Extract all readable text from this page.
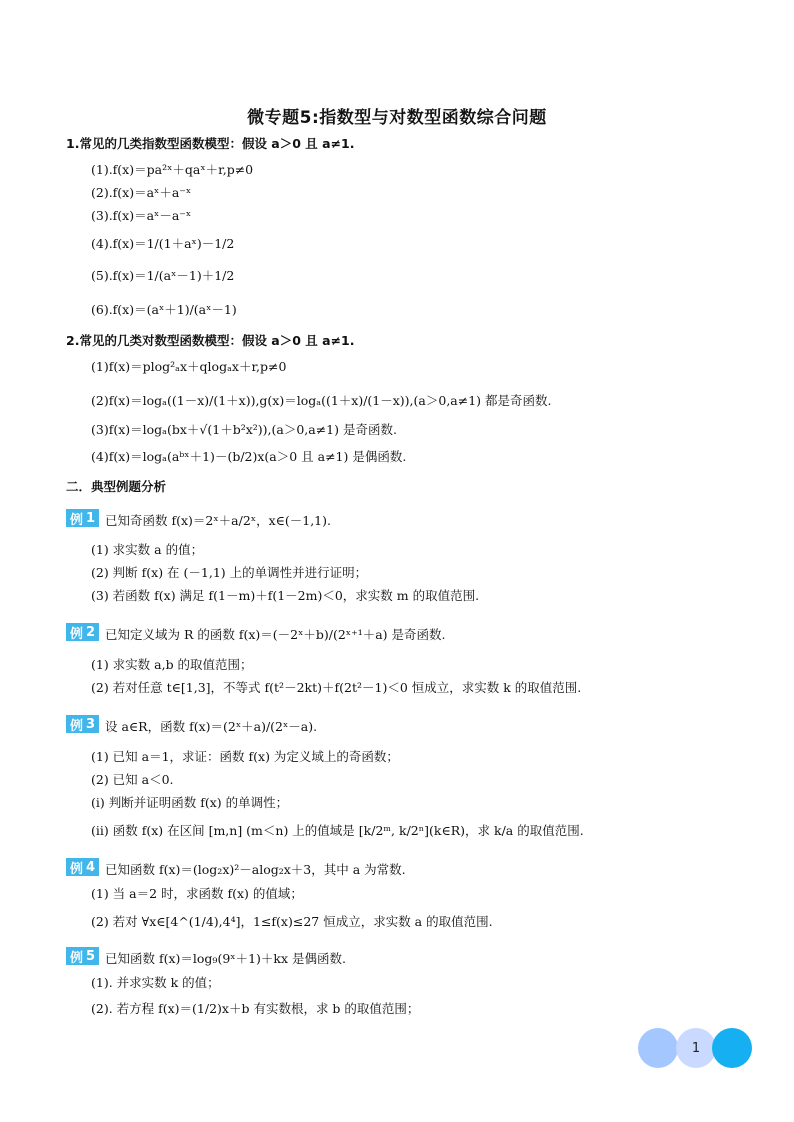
微专题5:指数型与对数型函数综合问题
1.常见的几类指数型函数模型：假设 a＞0 且 a≠1.
(1).f(x)＝pa²ˣ＋qaˣ＋r,p≠0
(2).f(x)＝aˣ＋a⁻ˣ
(3).f(x)＝aˣ－a⁻ˣ
(4).f(x)＝1/(1＋aˣ)－1/2
(5).f(x)＝1/(aˣ－1)＋1/2
(6).f(x)＝(aˣ＋1)/(aˣ－1)
2.常见的几类对数型函数模型：假设 a＞0 且 a≠1.
(1)f(x)＝plog²ₐx＋qlogₐx＋r,p≠0
(2)f(x)＝logₐ((1－x)/(1＋x)),g(x)＝logₐ((1＋x)/(1－x)),(a＞0,a≠1) 都是奇函数.
(3)f(x)＝logₐ(bx＋√(1＋b²x²)),(a＞0,a≠1) 是奇函数.
(4)f(x)＝logₐ(aᵇˣ＋1)－(b/2)x(a＞0 且 a≠1) 是偶函数.
二．典型例题分析
例 1 已知奇函数 f(x)＝2ˣ＋a/2ˣ，x∈(－1,1).
(1) 求实数 a 的值；
(2) 判断 f(x) 在 (－1,1) 上的单调性并进行证明；
(3) 若函数 f(x) 满足 f(1－m)＋f(1－2m)＜0，求实数 m 的取值范围.
例 2 已知定义域为 R 的函数 f(x)＝(－2ˣ＋b)/(2ˣ⁺¹＋a) 是奇函数.
(1) 求实数 a,b 的取值范围；
(2) 若对任意 t∈[1,3]，不等式 f(t²－2kt)＋f(2t²－1)＜0 恒成立，求实数 k 的取值范围.
例 3 设 a∈R，函数 f(x)＝(2ˣ＋a)/(2ˣ－a).
(1) 已知 a＝1，求证：函数 f(x) 为定义域上的奇函数；
(2) 已知 a＜0.
(i) 判断并证明函数 f(x) 的单调性；
(ii) 函数 f(x) 在区间 [m,n] (m＜n) 上的值域是 [k/2ᵐ, k/2ⁿ](k∈R)，求 k/a 的取值范围.
例 4 已知函数 f(x)＝(log₂x)²－alog₂x＋3，其中 a 为常数.
(1) 当 a＝2 时，求函数 f(x) 的值域；
(2) 若对 ∀x∈[4^(1/4),4⁴]，1≤f(x)≤27 恒成立，求实数 a 的取值范围.
例 5 已知函数 f(x)＝log₉(9ˣ＋1)＋kx 是偶函数.
(1). 并求实数 k 的值；
(2). 若方程 f(x)＝(1/2)x＋b 有实数根，求 b 的取值范围；
1
